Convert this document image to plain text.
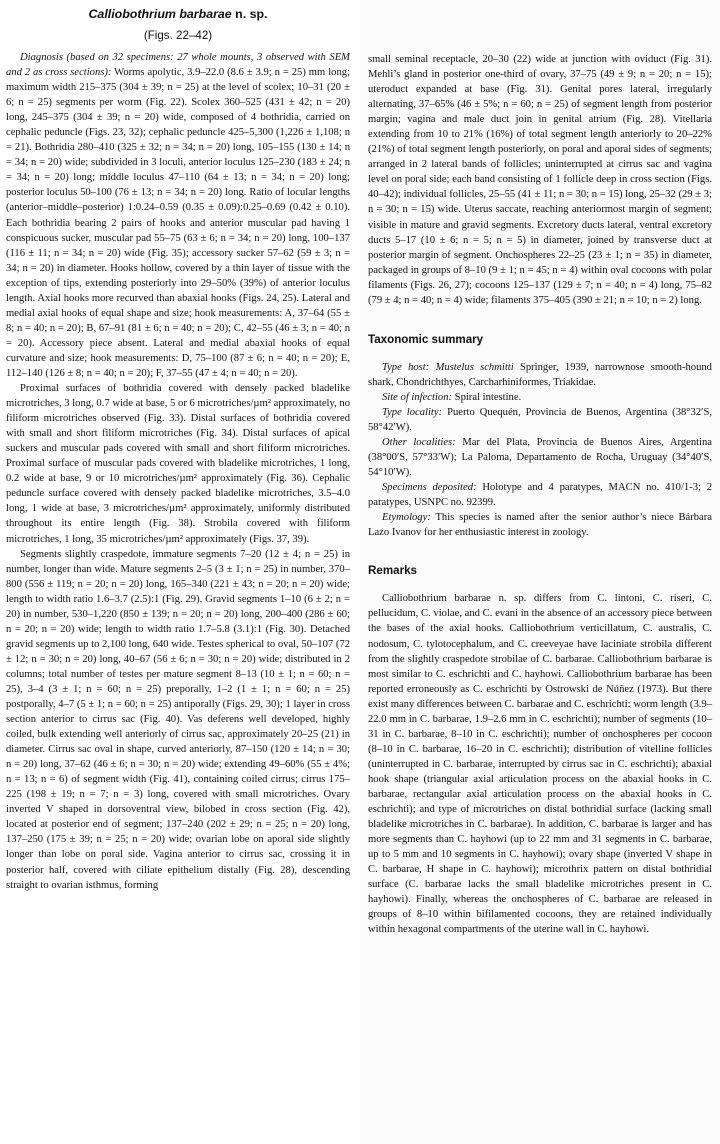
Calliobothrium barbarae n. sp.
(Figs. 22–42)

Diagnosis (based on 32 specimens: 27 whole mounts, 3 observed with SEM and 2 as cross sections): Worms apolytic, 3.9–22.0 (8.6 ± 3.9; n = 25) mm long; maximum width 215–375 (304 ± 39; n = 25) at the level of scolex; 10–31 (20 ± 6; n = 25) segments per worm (Fig. 22). Scolex 360–525 (431 ± 42; n = 20) long, 245–375 (304 ± 39; n = 20) wide, composed of 4 bothridia, carried on cephalic peduncle (Figs. 23, 32); cephalic peduncle 425–5,300 (1,226 ± 1,108; n = 21). Bothridia 280–410 (325 ± 32; n = 34; n = 20) long, 105–155 (130 ± 14; n = 34; n = 20) wide; subdivided in 3 loculi, anterior loculus 125–230 (183 ± 24; n = 34; n = 20) long; middle loculus 47–110 (64 ± 13; n = 34; n = 20) long; posterior loculus 50–100 (76 ± 13; n = 34; n = 20) long. Ratio of locular lengths (anterior–middle–posterior) 1:0.24–0.59 (0.35 ± 0.09):0.25–0.69 (0.42 ± 0.10). Each bothridia bearing 2 pairs of hooks and anterior muscular pad having 1 conspicuous sucker, muscular pad 55–75 (63 ± 6; n = 34; n = 20) long, 100–137 (116 ± 11; n = 34; n = 20) wide (Fig. 35); accessory sucker 57–62 (59 ± 3; n = 34; n = 20) in diameter. Hooks hollow, covered by a thin layer of tissue with the exception of tips, extending posteriorly into 29–50% (39%) of anterior loculus length. Axial hooks more recurved than abaxial hooks (Figs. 24, 25). Lateral and medial axial hooks of equal shape and size; hook measurements: A, 37–64 (55 ± 8; n = 40; n = 20); B, 67–91 (81 ± 6; n = 40; n = 20); C, 42–55 (46 ± 3; n = 40; n = 20). Accessory piece absent. Lateral and medial abaxial hooks of equal curvature and size; hook measurements: D, 75–100 (87 ± 6; n = 40; n = 20); E, 112–140 (126 ± 8; n = 40; n = 20); F, 37–55 (47 ± 4; n = 40; n = 20).

Proximal surfaces of bothridia covered with densely packed bladelike microtriches, 3 long, 0.7 wide at base, 5 or 6 microtriches/µm² approximately, no filiform microtriches observed (Fig. 33). Distal surfaces of bothridia covered with small and short filiform microtriches (Fig. 34). Distal surfaces of apical suckers and muscular pads covered with small and short filiform microtriches. Proximal surface of muscular pads covered with bladelike microtriches, 1 long, 0.2 wide at base, 9 or 10 microtriches/µm² approximately (Fig. 36). Cephalic peduncle surface covered with densely packed bladelike microtriches, 3.5–4.0 long, 1 wide at base, 3 microtriches/µm² approximately, uniformly distributed throughout its entire length (Fig. 38). Strobila covered with filiform microtriches, 1 long, 35 microtriches/µm² approximately (Figs. 37, 39).

Segments slightly craspedote, immature segments 7–20 (12 ± 4; n = 25) in number, longer than wide. Mature segments 2–5 (3 ± 1; n = 25) in number, 370–800 (556 ± 119; n = 20; n = 20) long, 165–340 (221 ± 43; n = 20; n = 20) wide; length to width ratio 1.6–3.7 (2.5):1 (Fig. 29). Gravid segments 1–10 (6 ± 2; n = 20) in number, 530–1,220 (850 ± 139; n = 20; n = 20) long, 200–400 (286 ± 60; n = 20; n = 20) wide; length to width ratio 1.7–5.8 (3.1):1 (Fig. 30). Detached gravid segments up to 2,100 long, 640 wide. Testes spherical to oval, 50–107 (72 ± 12; n = 30; n = 20) long, 40–67 (56 ± 6; n = 30; n = 20) wide; distributed in 2 columns; total number of testes per mature segment 8–13 (10 ± 1; n = 60; n = 25), 3–4 (3 ± 1; n = 60; n = 25) preporally, 1–2 (1 ± 1; n = 60; n = 25) postporally, 4–7 (5 ± 1; n = 60; n = 25) antiporally (Figs. 29, 30); 1 layer in cross section anterior to cirrus sac (Fig. 40). Vas deferens well developed, highly coiled, bulk extending well anteriorly of cirrus sac, approximately 20–25 (21) in diameter. Cirrus sac oval in shape, curved anteriorly, 87–150 (120 ± 14; n = 30; n = 20) long, 37–62 (46 ± 6; n = 30; n = 20) wide; extending 49–60% (55 ± 4%; n = 13; n = 6) of segment width (Fig. 41), containing coiled cirrus; cirrus 175–225 (198 ± 19; n = 7; n = 3) long, covered with small microtriches. Ovary inverted V shaped in dorsoventral view, bilobed in cross section (Fig. 42), located at posterior end of segment; 137–240 (202 ± 29; n = 25; n = 20) long, 137–250 (175 ± 39; n = 25; n = 20) wide; ovarian lobe on aporal side slightly longer than lobe on poral side. Vagina anterior to cirrus sac, crossing it in posterior half, covered with ciliate epithelium distally (Fig. 28), descending straight to ovarian isthmus, forming

small seminal receptacle, 20–30 (22) wide at junction with oviduct (Fig. 31). Mehli’s gland in posterior one-third of ovary, 37–75 (49 ± 9; n = 20; n = 15); uteroduct expanded at base (Fig. 31). Genital pores lateral, irregularly alternating, 37–65% (46 ± 5%; n = 60; n = 25) of segment length from posterior margin; vagina and male duct join in genital atrium (Fig. 28). Vitellaria extending from 10 to 21% (16%) of total segment length anteriorly to 20–22% (21%) of total segment length posteriorly, on poral and aporal sides of segments; arranged in 2 lateral bands of follicles; uninterrupted at cirrus sac and vagina level on poral side; each band consisting of 1 follicle deep in cross section (Figs. 40–42); individual follicles, 25–55 (41 ± 11; n = 30; n = 15) long, 25–32 (29 ± 3; n = 30; n = 15) wide. Uterus saccate, reaching anteriormost margin of segment; visible in mature and gravid segments. Excretory ducts lateral, ventral excretory ducts 5–17 (10 ± 6; n = 5; n = 5) in diameter, joined by transverse duct at posterior margin of segment. Onchospheres 22–25 (23 ± 1; n = 35) in diameter, packaged in groups of 8–10 (9 ± 1; n = 45; n = 4) within oval cocoons with polar filaments (Figs. 26, 27); cocoons 125–137 (129 ± 7; n = 40; n = 4) long, 75–82 (79 ± 4; n = 40; n = 4) wide; filaments 375–405 (390 ± 21; n = 10; n = 2) long.

Taxonomic summary

Type host: Mustelus schmitti Springer, 1939, narrownose smooth-hound shark, Chondrichthyes, Carcharhiniformes, Triakidae.

Site of infection: Spiral intestine.

Type locality: Puerto Quequén, Provincia de Buenos, Argentina (38°32′S, 58°42′W).

Other localities: Mar del Plata, Provincia de Buenos Aires, Argentina (38°00′S, 57°33′W); La Paloma, Departamento de Rocha, Uruguay (34°40′S, 54°10′W).

Specimens deposited: Holotype and 4 paratypes, MACN no. 410/1-3; 2 paratypes, USNPC no. 92399.

Etymology: This species is named after the senior author’s niece Bárbara Lazo Ivanov for her enthusiastic interest in zoology.

Remarks

Calliobothrium barbarae n. sp. differs from C. lintoni, C. riseri, C. pellucidum, C. violae, and C. evani in the absence of an accessory piece between the bases of the axial hooks. Calliobothrium verticillatum, C. australis, C. nodosum, C. tylotocephalum, and C. creeveyae have laciniate strobila different from the slightly craspedote strobilae of C. barbarae. Calliobothrium barbarae is most similar to C. eschrichti and C. hayhowi. Calliobothrium barbarae has been reported erroneously as C. eschrichti by Ostrowski de Núñez (1973). But there exist many differences between C. barbarae and C. eschrichti: worm length (3.9–22.0 mm in C. barbarae, 1.9–2.6 mm in C. eschrichti); number of segments (10–31 in C. barbarae, 8–10 in C. eschrichti); number of onchospheres per cocoon (8–10 in C. barbarae, 16–20 in C. eschrichti); distribution of vitelline follicles (uninterrupted in C. barbarae, interrupted by cirrus sac in C. eschrichti); abaxial hook shape (triangular axial articulation process on the abaxial hooks in C. barbarae, rectangular axial articulation process on the abaxial hooks in C. eschrichti); and type of microtriches on distal bothridial surface (lacking small bladelike microtriches in C. barbarae). In addition, C. barbarae is larger and has more segments than C. hayhowi (up to 22 mm and 31 segments in C. barbarae, up to 5 mm and 10 segments in C. hayhowi); ovary shape (inverted V shape in C. barbarae, H shape in C. hayhowi); microthrix pattern on distal bothridial surface (C. barbarae lacks the small bladelike microtriches present in C. hayhowi). Finally, whereas the onchospheres of C. barbarae are released in groups of 8–10 within bifilamented cocoons, they are retained individually within hexagonal compartments of the uterine wall in C. hayhowi.
